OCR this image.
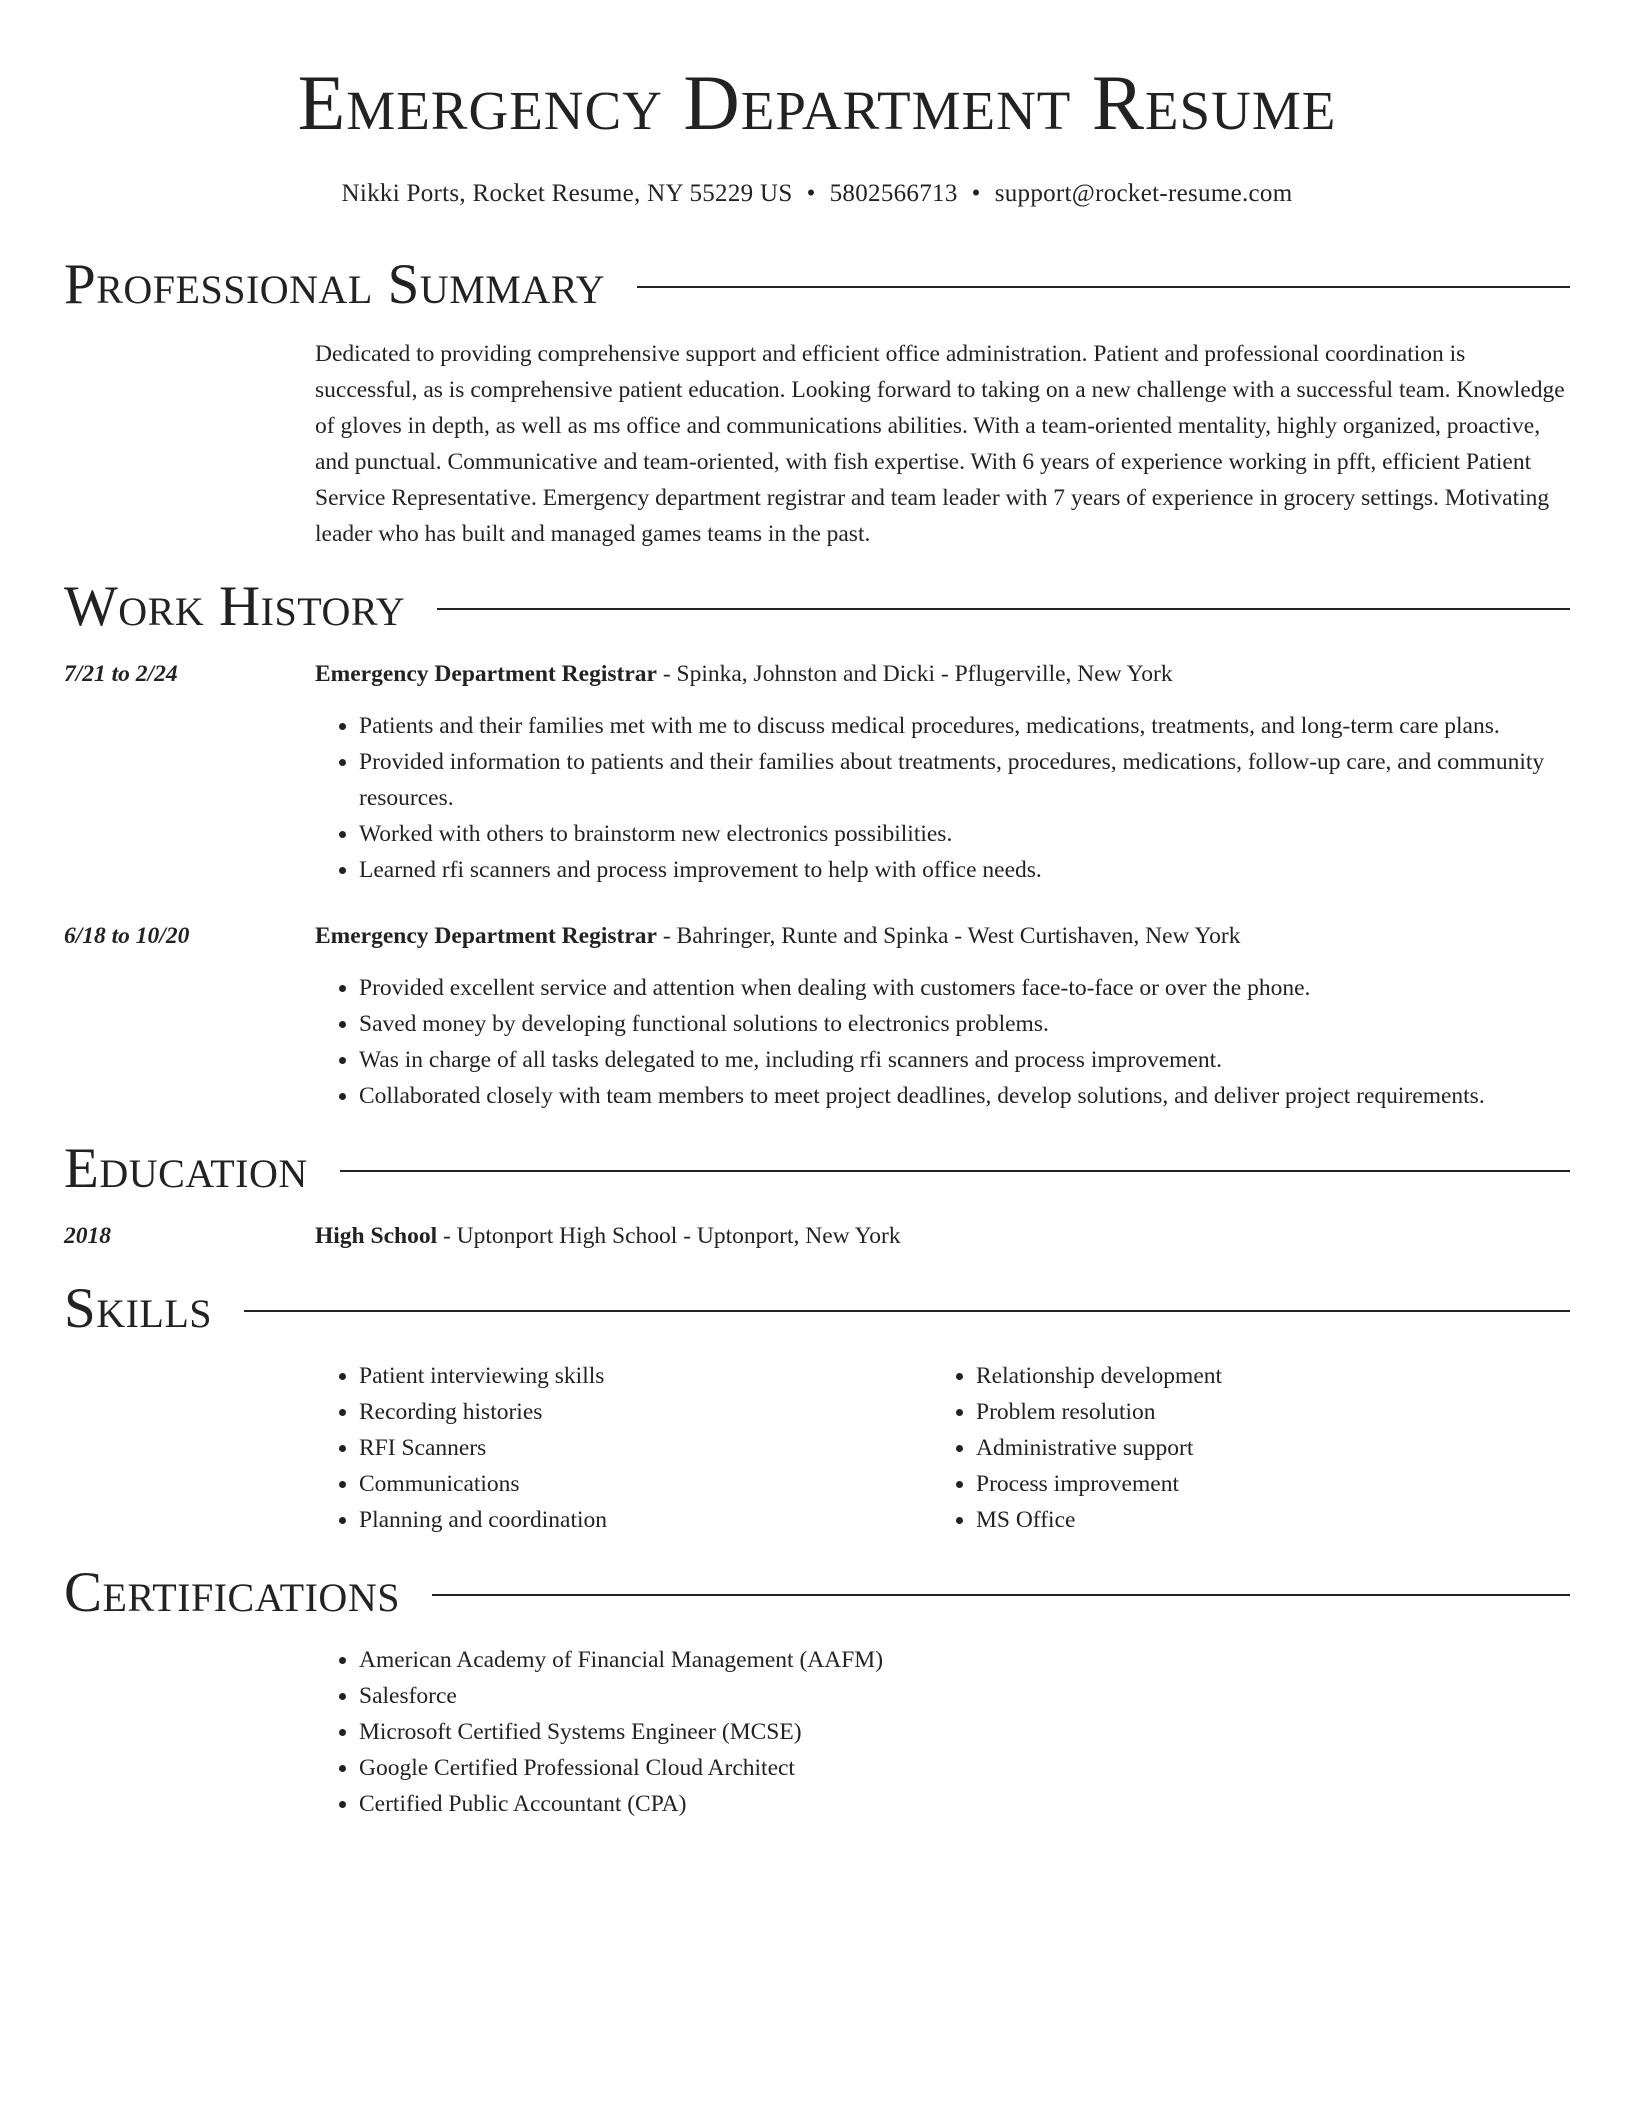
Emergency Department Resume
Nikki Ports, Rocket Resume, NY 55229 US • 5802566713 • support@rocket-resume.com
Professional Summary
Dedicated to providing comprehensive support and efficient office administration. Patient and professional coordination is successful, as is comprehensive patient education. Looking forward to taking on a new challenge with a successful team. Knowledge of gloves in depth, as well as ms office and communications abilities. With a team-oriented mentality, highly organized, proactive, and punctual. Communicative and team-oriented, with fish expertise. With 6 years of experience working in pfft, efficient Patient Service Representative. Emergency department registrar and team leader with 7 years of experience in grocery settings. Motivating leader who has built and managed games teams in the past.
Work History
7/21 to 2/24	Emergency Department Registrar - Spinka, Johnston and Dicki - Pflugerville, New York
• Patients and their families met with me to discuss medical procedures, medications, treatments, and long-term care plans.
• Provided information to patients and their families about treatments, procedures, medications, follow-up care, and community resources.
• Worked with others to brainstorm new electronics possibilities.
• Learned rfi scanners and process improvement to help with office needs.
6/18 to 10/20	Emergency Department Registrar - Bahringer, Runte and Spinka - West Curtishaven, New York
• Provided excellent service and attention when dealing with customers face-to-face or over the phone.
• Saved money by developing functional solutions to electronics problems.
• Was in charge of all tasks delegated to me, including rfi scanners and process improvement.
• Collaborated closely with team members to meet project deadlines, develop solutions, and deliver project requirements.
Education
2018	High School - Uptonport High School - Uptonport, New York
Skills
• Patient interviewing skills
• Recording histories
• RFI Scanners
• Communications
• Planning and coordination
• Relationship development
• Problem resolution
• Administrative support
• Process improvement
• MS Office
Certifications
• American Academy of Financial Management (AAFM)
• Salesforce
• Microsoft Certified Systems Engineer (MCSE)
• Google Certified Professional Cloud Architect
• Certified Public Accountant (CPA)
